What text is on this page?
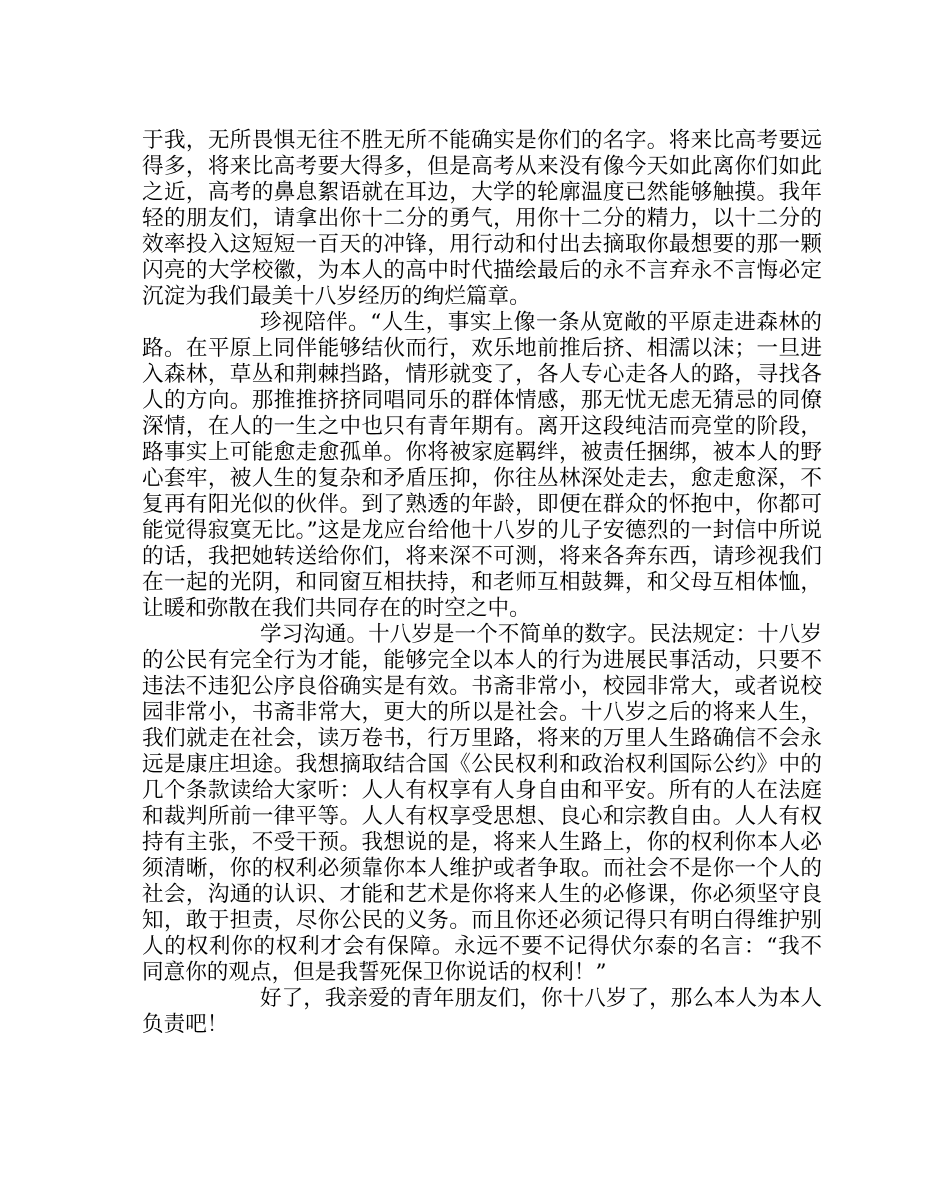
于我，无所畏惧无往不胜无所不能确实是你们的名字。将来比高考要远得多，将来比高考要大得多，但是高考从来没有像今天如此离你们如此之近，高考的鼻息絮语就在耳边，大学的轮廓温度已然能够触摸。我年轻的朋友们，请拿出你十二分的勇气，用你十二分的精力，以十二分的效率投入这短短一百天的冲锋，用行动和付出去摘取你最想要的那一颗闪亮的大学校徽，为本人的高中时代描绘最后的永不言弃永不言悔必定沉淀为我们最美十八岁经历的绚烂篇章。

珍视陪伴。“人生，事实上像一条从宽敞的平原走进森林的路。在平原上同伴能够结伙而行，欢乐地前推后挤、相濡以沫；一旦进入森林，草丛和荆棘挡路，情形就变了，各人专心走各人的路，寻找各人的方向。那推推挤挤同唱同乐的群体情感，那无忧无虑无猜忌的同僚深情，在人的一生之中也只有青年期有。离开这段纯洁而亮堂的阶段，路事实上可能愈走愈孤单。你将被家庭羁绊，被责任捆绑，被本人的野心套牢，被人生的复杂和矛盾压抑，你往丛林深处走去，愈走愈深，不复再有阳光似的伙伴。到了熟透的年龄，即便在群众的怀抱中，你都可能觉得寂寞无比。”这是龙应台给他十八岁的儿子安德烈的一封信中所说的话，我把她转送给你们，将来深不可测，将来各奔东西，请珍视我们在一起的光阴，和同窗互相扶持，和老师互相鼓舞，和父母互相体恤，让暖和弥散在我们共同存在的时空之中。

学习沟通。十八岁是一个不简单的数字。民法规定：十八岁的公民有完全行为才能，能够完全以本人的行为进展民事活动，只要不违法不违犯公序良俗确实是有效。书斋非常小，校园非常大，或者说校园非常小，书斋非常大，更大的所以是社会。十八岁之后的将来人生，我们就走在社会，读万卷书，行万里路，将来的万里人生路确信不会永远是康庄坦途。我想摘取结合国《公民权利和政治权利国际公约》中的几个条款读给大家听：人人有权享有人身自由和平安。所有的人在法庭和裁判所前一律平等。人人有权享受思想、良心和宗教自由。人人有权持有主张，不受干预。我想说的是，将来人生路上，你的权利你本人必须清晰，你的权利必须靠你本人维护或者争取。而社会不是你一个人的社会，沟通的认识、才能和艺术是你将来人生的必修课，你必须坚守良知，敢于担责，尽你公民的义务。而且你还必须记得只有明白得维护别人的权利你的权利才会有保障。永远不要不记得伏尔泰的名言：“我不同意你的观点，但是我誓死保卫你说话的权利！”

好了，我亲爱的青年朋友们，你十八岁了，那么本人为本人负责吧！
